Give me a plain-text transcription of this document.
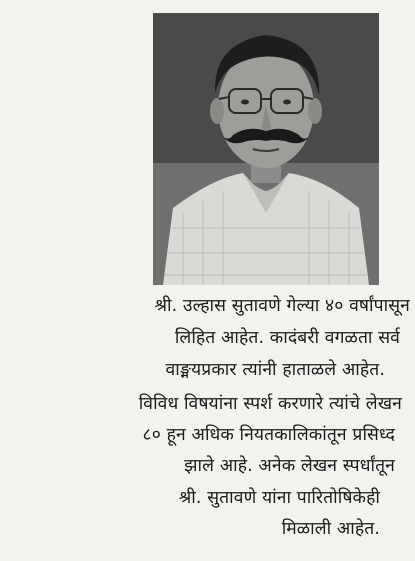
श्री. उल्हास सुतावणे गेल्या ४० वर्षांपासून
लिहित आहेत. कादंबरी वगळता सर्व
वाङ्मयप्रकार त्यांनी हाताळले आहेत.
विविध विषयांना स्पर्श करणारे त्यांचे लेखन
८० हून अधिक नियतकालिकांतून प्रसिध्द
झाले आहे. अनेक लेखन स्पर्धांतून
श्री. सुतावणे यांना पारितोषिकेही
मिळाली आहेत.
